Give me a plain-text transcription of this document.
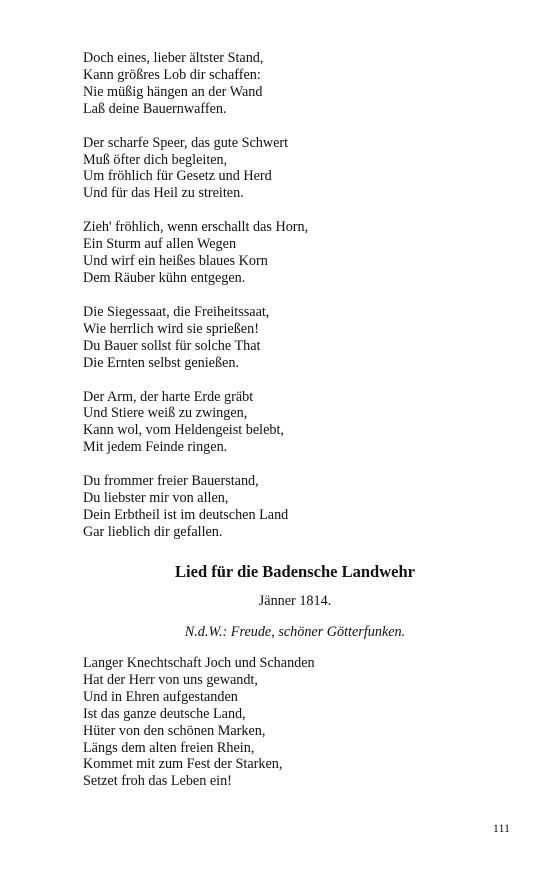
Doch eines, lieber ältster Stand,
Kann größres Lob dir schaffen:
Nie müßig hängen an der Wand
Laß deine Bauernwaffen.
Der scharfe Speer, das gute Schwert
Muß öfter dich begleiten,
Um fröhlich für Gesetz und Herd
Und für das Heil zu streiten.
Zieh' fröhlich, wenn erschallt das Horn,
Ein Sturm auf allen Wegen
Und wirf ein heißes blaues Korn
Dem Räuber kühn entgegen.
Die Siegessaat, die Freiheitssaat,
Wie herrlich wird sie sprießen!
Du Bauer sollst für solche That
Die Ernten selbst genießen.
Der Arm, der harte Erde gräbt
Und Stiere weiß zu zwingen,
Kann wol, vom Heldengeist belebt,
Mit jedem Feinde ringen.
Du frommer freier Bauerstand,
Du liebster mir von allen,
Dein Erbtheil ist im deutschen Land
Gar lieblich dir gefallen.
Lied für die Badensche Landwehr
Jänner 1814.
N.d.W.: Freude, schöner Götterfunken.
Langer Knechtschaft Joch und Schanden
Hat der Herr von uns gewandt,
Und in Ehren aufgestanden
Ist das ganze deutsche Land,
Hüter von den schönen Marken,
Längs dem alten freien Rhein,
Kommet mit zum Fest der Starken,
Setzet froh das Leben ein!
111
